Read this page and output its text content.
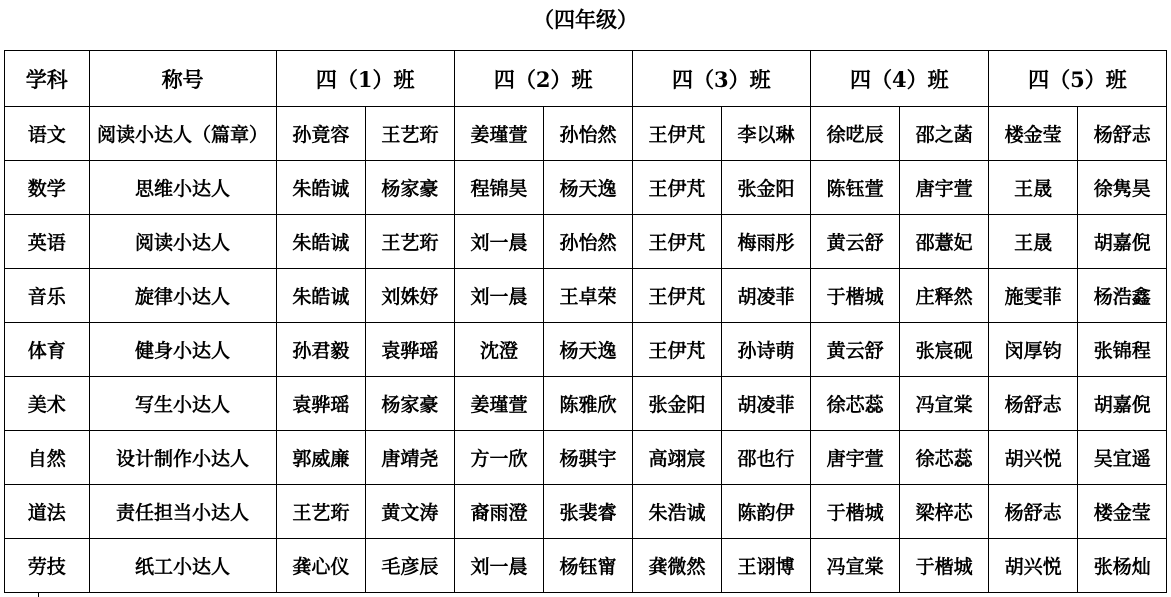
（四年级）
学科	称号	四（1）班		四（2）班		四（3）班		四（4）班		四（5）班	
语文	阅读小达人（篇章）	孙竟容	王艺珩	姜瑾萱	孙怡然	王伊芃	李以琳	徐呓辰	邵之菡	楼金莹	杨舒志
数学	思维小达人	朱皓诚	杨家豪	程锦昊	杨天逸	王伊芃	张金阳	陈钰萱	唐宇萱	王晟	徐隽昊
英语	阅读小达人	朱皓诚	王艺珩	刘一晨	孙怡然	王伊芃	梅雨彤	黄云舒	邵薏妃	王晟	胡嘉倪
音乐	旋律小达人	朱皓诚	刘姝妤	刘一晨	王卓荣	王伊芃	胡凌菲	于楷城	庄释然	施雯菲	杨浩鑫
体育	健身小达人	孙君毅	袁骅瑶	沈澄	杨天逸	王伊芃	孙诗萌	黄云舒	张宸砚	闵厚钧	张锦程
美术	写生小达人	袁骅瑶	杨家豪	姜瑾萱	陈雅欣	张金阳	胡凌菲	徐芯蕊	冯宣棠	杨舒志	胡嘉倪
自然	设计制作小达人	郭威廉	唐靖尧	方一欣	杨骐宇	高翊宸	邵也行	唐宇萱	徐芯蕊	胡兴悦	吴宜遥
道法	责任担当小达人	王艺珩	黄文涛	裔雨澄	张裴睿	朱浩诚	陈韵伊	于楷城	梁梓芯	杨舒志	楼金莹
劳技	纸工小达人	龚心仪	毛彦辰	刘一晨	杨钰甯	龚微然	王诩博	冯宣棠	于楷城	胡兴悦	张杨灿
